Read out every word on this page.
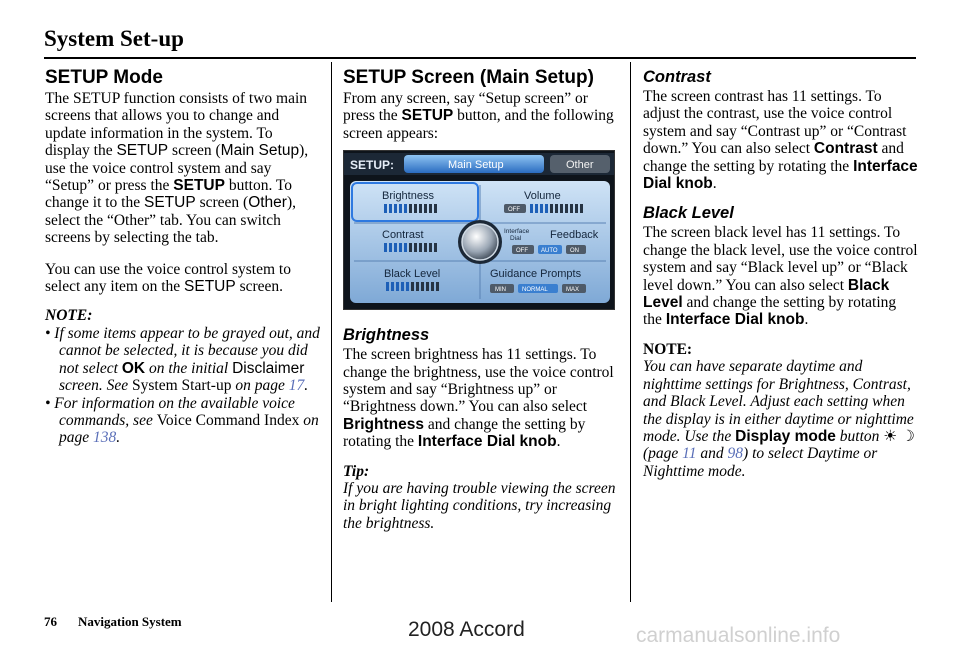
System Set-up
SETUP Mode

The SETUP function consists of two main screens that allows you to change and update information in the system. To display the SETUP screen (Main Setup), use the voice control system and say “Setup” or press the SETUP button. To change it to the SETUP screen (Other), select the “Other” tab. You can switch screens by selecting the tab.

You can use the voice control system to select any item on the SETUP screen.

NOTE:

• If some items appear to be grayed out, and cannot be selected, it is because you did not select OK on the initial Disclaimer screen. See System Start-up on page 17.
• For information on the available voice commands, see Voice Command Index on page 138.
SETUP Screen (Main Setup)

From any screen, say “Setup screen” or press the SETUP button, and the following screen appears:

SETUP:	Main Setup	Other
Brightness	Volume
Contrast	Feedback
Black Level	Guidance Prompts
Interface
Dial
OFF
OFF AUTO ON
MIN	NORMAL	MAX
Brightness

The screen brightness has 11 settings. To change the brightness, use the voice control system and say “Brightness up” or “Brightness down.” You can also select Brightness and change the setting by rotating the Interface Dial knob.

Tip:

If you are having trouble viewing the screen in bright lighting conditions, try increasing the brightness.

Contrast

The screen contrast has 11 settings. To adjust the contrast, use the voice control system and say “Contrast up” or “Contrast down.” You can also select Contrast and change the setting by rotating the Interface Dial knob.

Black Level

The screen black level has 11 settings. To change the black level, use the voice control system and say “Black level up” or “Black level down.” You can also select Black Level and change the setting by rotating the Interface Dial knob.

NOTE:

You can have separate daytime and nighttime settings for Brightness, Contrast, and Black Level. Adjust each setting when the display is in either daytime or nighttime mode. Use the Display mode button ☀ ☽ (page 11 and 98) to select Daytime or Nighttime mode.

76 Navigation System	2008 Accord	carmanualsonline.info
